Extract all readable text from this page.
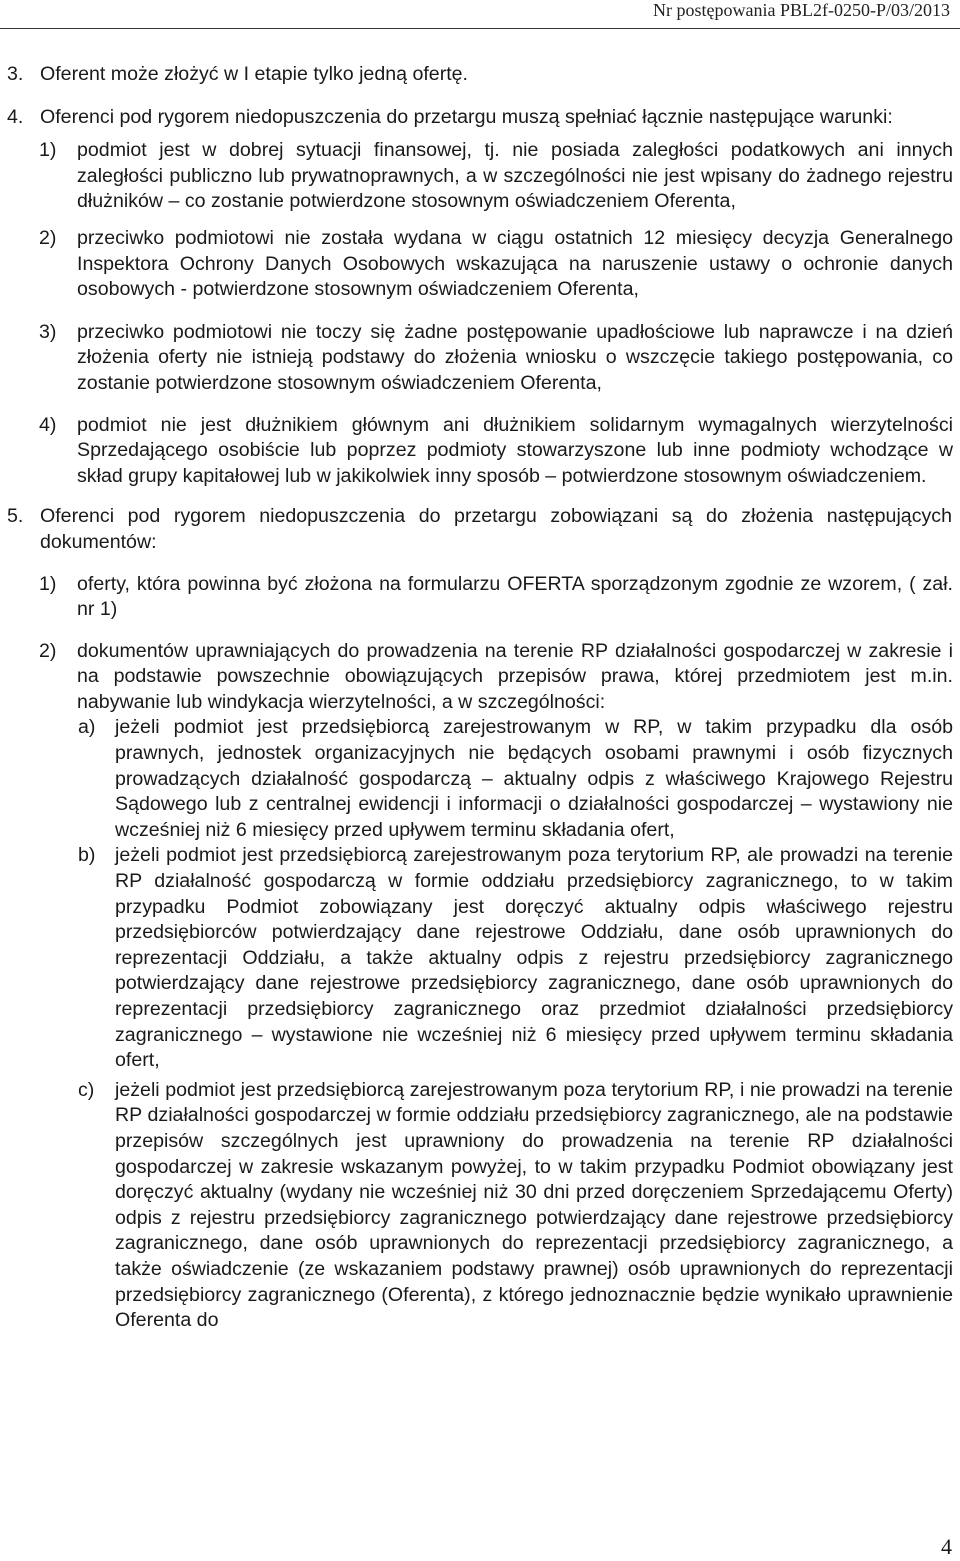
Nr postępowania PBL2f-0250-P/03/2013
3. Oferent może złożyć w I etapie tylko jedną ofertę.
4. Oferenci pod rygorem niedopuszczenia do przetargu muszą spełniać łącznie następujące warunki:
1) podmiot jest w dobrej sytuacji finansowej, tj. nie posiada zaległości podatkowych ani innych zaległości publiczno lub prywatnoprawnych, a w szczególności nie jest wpisany do żadnego rejestru dłużników – co zostanie potwierdzone stosownym oświadczeniem Oferenta,
2) przeciwko podmiotowi nie została wydana w ciągu ostatnich 12 miesięcy decyzja Generalnego Inspektora Ochrony Danych Osobowych wskazująca na naruszenie ustawy o ochronie danych osobowych - potwierdzone stosownym oświadczeniem Oferenta,
3) przeciwko podmiotowi nie toczy się żadne postępowanie upadłościowe lub naprawcze i na dzień złożenia oferty nie istnieją podstawy do złożenia wniosku o wszczęcie takiego postępowania, co zostanie potwierdzone stosownym oświadczeniem Oferenta,
4) podmiot nie jest dłużnikiem głównym ani dłużnikiem solidarnym wymagalnych wierzytelności Sprzedającego osobiście lub poprzez podmioty stowarzyszone lub inne podmioty wchodzące w skład grupy kapitałowej lub w jakikolwiek inny sposób – potwierdzone stosownym oświadczeniem.
5. Oferenci pod rygorem niedopuszczenia do przetargu zobowiązani są do złożenia następujących dokumentów:
1) oferty, która powinna być złożona na formularzu OFERTA sporządzonym zgodnie ze wzorem, ( zał. nr 1)
2) dokumentów uprawniających do prowadzenia na terenie RP działalności gospodarczej w zakresie i na podstawie powszechnie obowiązujących przepisów prawa, której przedmiotem jest m.in. nabywanie lub windykacja wierzytelności, a w szczególności:
a) jeżeli podmiot jest przedsiębiorcą zarejestrowanym w RP, w takim przypadku dla osób prawnych, jednostek organizacyjnych nie będących osobami prawnymi i osób fizycznych prowadzących działalność gospodarczą – aktualny odpis z właściwego Krajowego Rejestru Sądowego lub z centralnej ewidencji i informacji o działalności gospodarczej – wystawiony nie wcześniej niż 6 miesięcy przed upływem terminu składania ofert,
b) jeżeli podmiot jest przedsiębiorcą zarejestrowanym poza terytorium RP, ale prowadzi na terenie RP działalność gospodarczą w formie oddziału przedsiębiorcy zagranicznego, to w takim przypadku Podmiot zobowiązany jest doręczyć aktualny odpis właściwego rejestru przedsiębiorców potwierdzający dane rejestrowe Oddziału, dane osób uprawnionych do reprezentacji Oddziału, a także aktualny odpis z rejestru przedsiębiorcy zagranicznego potwierdzający dane rejestrowe przedsiębiorcy zagranicznego, dane osób uprawnionych do reprezentacji przedsiębiorcy zagranicznego oraz przedmiot działalności przedsiębiorcy zagranicznego – wystawione nie wcześniej niż 6 miesięcy przed upływem terminu składania ofert,
c) jeżeli podmiot jest przedsiębiorcą zarejestrowanym poza terytorium RP, i nie prowadzi na terenie RP działalności gospodarczej w formie oddziału przedsiębiorcy zagranicznego, ale na podstawie przepisów szczególnych jest uprawniony do prowadzenia na terenie RP działalności gospodarczej w zakresie wskazanym powyżej, to w takim przypadku Podmiot obowiązany jest doręczyć aktualny (wydany nie wcześniej niż 30 dni przed doręczeniem Sprzedającemu Oferty) odpis z rejestru przedsiębiorcy zagranicznego potwierdzający dane rejestrowe przedsiębiorcy zagranicznego, dane osób uprawnionych do reprezentacji przedsiębiorcy zagranicznego, a także oświadczenie (ze wskazaniem podstawy prawnej) osób uprawnionych do reprezentacji przedsiębiorcy zagranicznego (Oferenta), z którego jednoznacznie będzie wynikało uprawnienie Oferenta do
4
